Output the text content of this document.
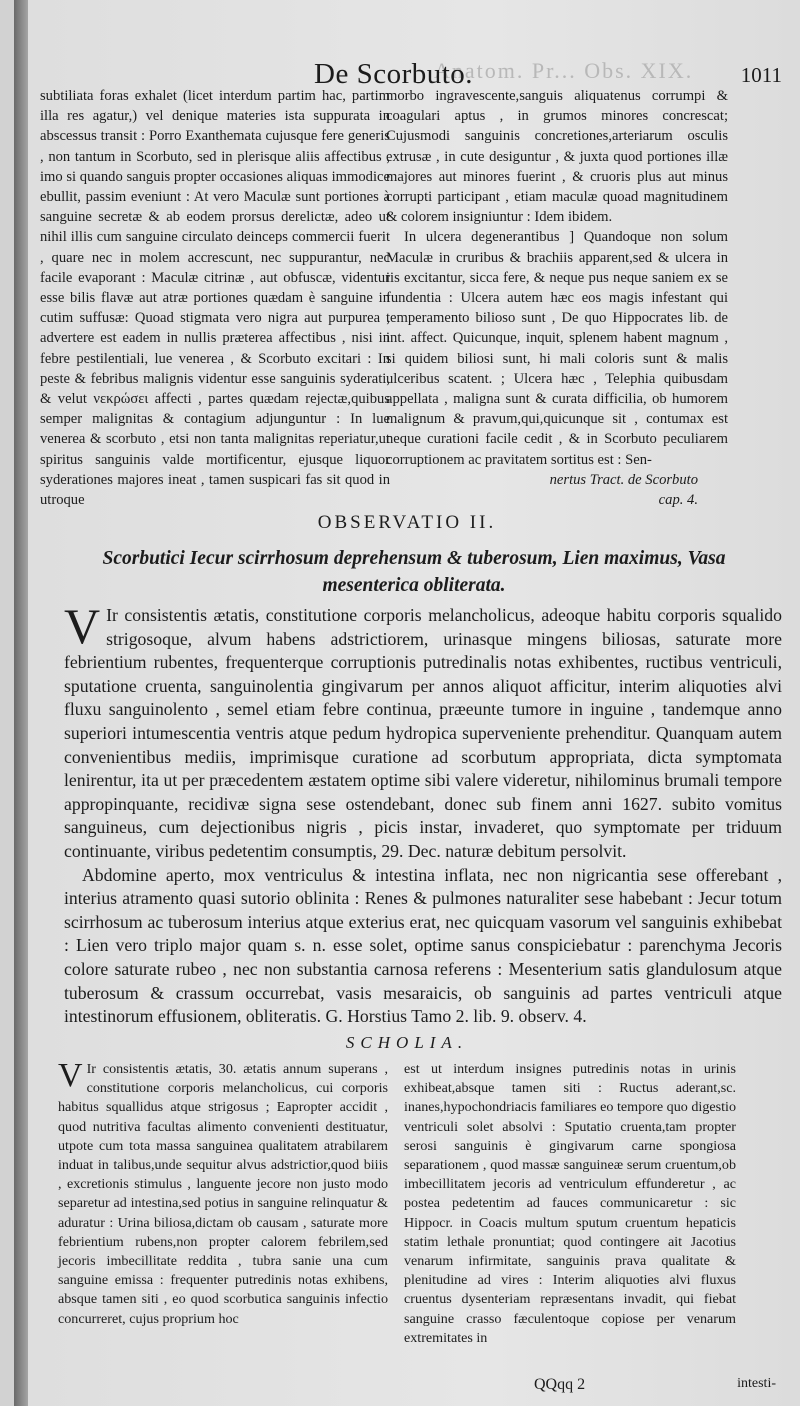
Anatom. Pr... Obs. XIX.
De Scorbuto.	1011

subtiliata foras exhalet (licet interdum partim hac, partim illa res agatur,) vel denique materies ista suppurata in abscessus transit : Porro Exanthemata cujusque fere generis , non tantum in Scorbuto, sed in plerisque aliis affectibus , imo si quando sanguis propter occasiones aliquas immodice ebullit, passim eveniunt : At vero Maculæ sunt portiones à sanguine secretæ & ab eodem prorsus derelictæ, adeo ut nihil illis cum sanguine circulato deinceps commercii fuerit , quare nec in molem accrescunt, nec suppurantur, nec facile evaporant : Maculæ citrinæ , aut obfuscæ, videntur esse bilis flavæ aut atræ portiones quædam è sanguine in cutim suffusæ: Quoad stigmata vero nigra aut purpurea , advertere est eadem in nullis præterea affectibus , nisi in febre pestilentiali, lue venerea , & Scorbuto excitari : In peste & febribus malignis videntur esse sanguinis syderati, & velut νεκρώσει affecti , partes quædam rejectæ,quibus semper malignitas & contagium adjunguntur : In lue venerea & scorbuto , etsi non tanta malignitas reperiatur,ut spiritus sanguinis valde mortificentur, ejusque liquor syderationes majores ineat , tamen suspicari fas sit quod in utroque

morbo ingravescente,sanguis aliquatenus corrumpi & coagulari aptus , in grumos minores concrescat; Cujusmodi sanguinis concretiones,arteriarum osculis extrusæ , in cute desiguntur , & juxta quod portiones illæ majores aut minores fuerint , & cruoris plus aut minus corrupti participant , etiam maculæ quoad magnitudinem & colorem insigniuntur : Idem ibidem.

In ulcera degenerantibus ] Quandoque non solum Maculæ in cruribus & brachiis apparent,sed & ulcera in iis excitantur, sicca fere, & neque pus neque saniem ex se fundentia : Ulcera autem hæc eos magis infestant qui temperamento bilioso sunt , De quo Hippocrates lib. de int. affect. Quicunque, inquit, splenem habent magnum , si quidem biliosi sunt, hi mali coloris sunt & malis ulceribus scatent. ; Ulcera hæc , Telephia quibusdam appellata , maligna sunt & curata difficilia, ob humorem malignum & pravum,qui,quicunque sit , contumax est neque curationi facile cedit , & in Scorbuto peculiarem corruptionem ac pravitatem sortitus est : Sen-

nertus Tract. de Scorbuto

cap. 4.

OBSERVATIO II.
Scorbutici Iecur scirrhosum deprehensum & tuberosum, Lien maximus, Vasa mesenterica obliterata.

V Ir consistentis ætatis, constitutione corporis melancholicus, adeoque habitu corporis squalido strigosoque, alvum habens adstrictiorem, urinasque mingens biliosas, saturate more febrientium rubentes, frequenterque corruptionis putredinalis notas exhibentes, ructibus ventriculi, sputatione cruenta, sanguinolentia gingivarum per annos aliquot afficitur, interim aliquoties alvi fluxu sanguinolento , semel etiam febre continua, præeunte tumore in inguine , tandemque anno superiori intumescentia ventris atque pedum hydropica supervenientе prehenditur. Quanquam autem convenientibus mediis, imprimisque curatione ad scorbutum appropriata, dicta symptomata lenirentur, ita ut per præcedentem æstatem optime sibi valere videretur, nihilominus brumali tempore appropinquante, recidivæ signa sese ostendebant, donec sub finem anni 1627. subito vomitus sanguineus, cum dejectionibus nigris , picis instar, invaderet, quo symptomate per triduum continuante, viribus pedetentim consumptis, 29. Dec. naturæ debitum persolvit.

Abdomine aperto, mox ventriculus & intestina inflata, nec non nigricantia sese offerebant , interius atramento quasi sutorio oblinita : Renes & pulmones naturaliter sese habebant : Jecur totum scirrhosum ac tuberosum interius atque exterius erat, nec quicquam vasorum vel sanguinis exhibebat : Lien vero triplo major quam s. n. esse solet, optime sanus conspiciebatur : parenchyma Jecoris colore saturate rubeo , nec non substantia carnosa referens : Mesenterium satis glandulosum atque tuberosum & crassum occurrebat, vasis mesaraicis, ob sanguinis ad partes ventriculi atque intestinorum effusionem, obliteratis. G. Horstius Tamo 2. lib. 9. observ. 4.

SCHOLIA.

V Ir consistentis ætatis, 30. ætatis annum superans , constitutione corporis melancholicus, cui corporis habitus squallidus atque strigosus ; Eapropter accidit , quod nutritiva facultas alimento convenienti destituatur, utpote cum tota massa sanguinea qualitatem atrabilarem induat in talibus,unde sequitur alvus adstrictior,quod biiis , excretionis stimulus , languente jecore non justo modo separetur ad intestina,sed potius in sanguine relinquatur & aduratur : Urina biliosa,dictam ob causam , saturate more febrientium rubens,non propter calorem febrilem,sed jecoris imbecillitate reddita , tubra sanie una cum sanguine emissa : frequenter putredinis notas exhibens, absque tamen siti , eo quod scorbutica sanguinis infectio concurreret, cujus proprium hoc

est ut interdum insignes putredinis notas in urinis exhibeat,absque tamen siti : Ructus aderant,sc. inanes,hypochondriacis familiares eo tempore quo digestio ventriculi solet absolvi : Sputatio cruenta,tam propter serosi sanguinis è gingivarum carne spongiosa separationem , quod massæ sanguineæ serum cruentum,ob imbecillitatem jecoris ad ventriculum effunderetur , ac postea pedetentim ad fauces communicaretur : sic Hippocr. in Coacis multum sputum cruentum hepaticis statim lethale pronuntiat; quod contingere ait Jacotius venarum infirmitate, sanguinis prava qualitate & plenitudine ad vires : Interim aliquoties alvi fluxus cruentus dysenteriam repræsentans invadit, qui fiebat sanguine crasso fæculentoque copiose per venarum extremitates in

QQqq 2	intesti-
